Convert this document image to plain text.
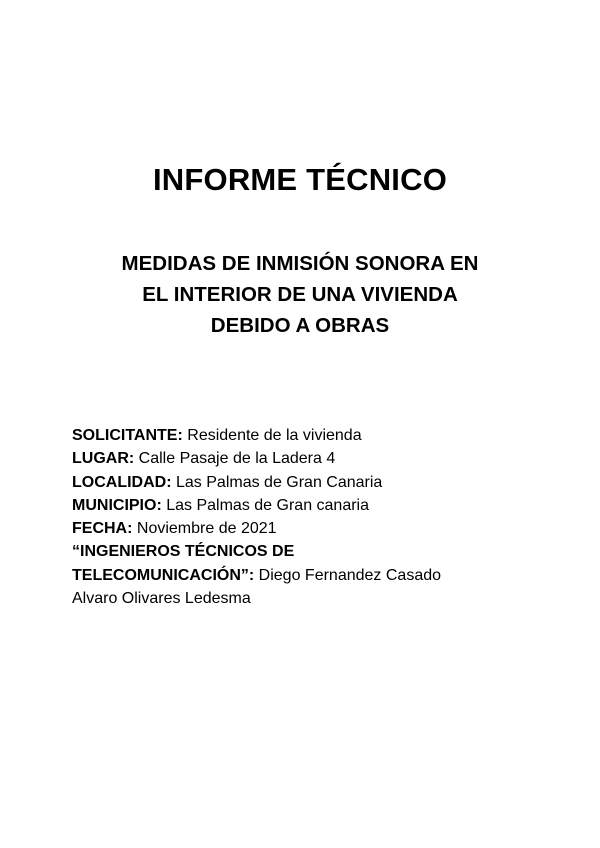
INFORME TÉCNICO
MEDIDAS DE INMISIÓN SONORA EN
EL INTERIOR DE UNA VIVIENDA
DEBIDO A OBRAS
SOLICITANTE: Residente de la vivienda
LUGAR: Calle Pasaje de la Ladera 4
LOCALIDAD: Las Palmas de Gran Canaria
MUNICIPIO: Las Palmas de Gran canaria
FECHA: Noviembre de 2021
“INGENIEROS TÉCNICOS DE
TELECOMUNICACIÓN”: Diego Fernandez Casado
Alvaro Olivares Ledesma
